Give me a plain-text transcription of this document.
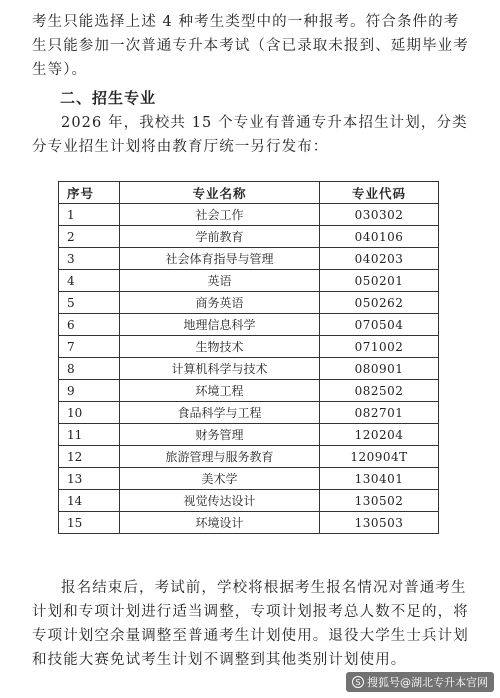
考生只能选择上述 4 种考生类型中的一种报考。符合条件的考生只能参加一次普通专升本考试（含已录取未报到、延期毕业考生等）。

二、招生专业

2026 年，我校共 15 个专业有普通专升本招生计划，分类分专业招生计划将由教育厅统一另行发布：

序号	专业名称	专业代码
1	社会工作	030302
2	学前教育	040106
3	社会体育指导与管理	040203
4	英语	050201
5	商务英语	050262
6	地理信息科学	070504
7	生物技术	071002
8	计算机科学与技术	080901
9	环境工程	082502
10	食品科学与工程	082701
11	财务管理	120204
12	旅游管理与服务教育	120904T
13	美术学	130401
14	视觉传达设计	130502
15	环境设计	130503

报名结束后，考试前，学校将根据考生报名情况对普通考生计划和专项计划进行适当调整，专项计划报考总人数不足的，将专项计划空余量调整至普通考生计划使用。退役大学生士兵计划和技能大赛免试考生计划不调整到其他类别计划使用。

S 搜狐号@湖北专升本官网
